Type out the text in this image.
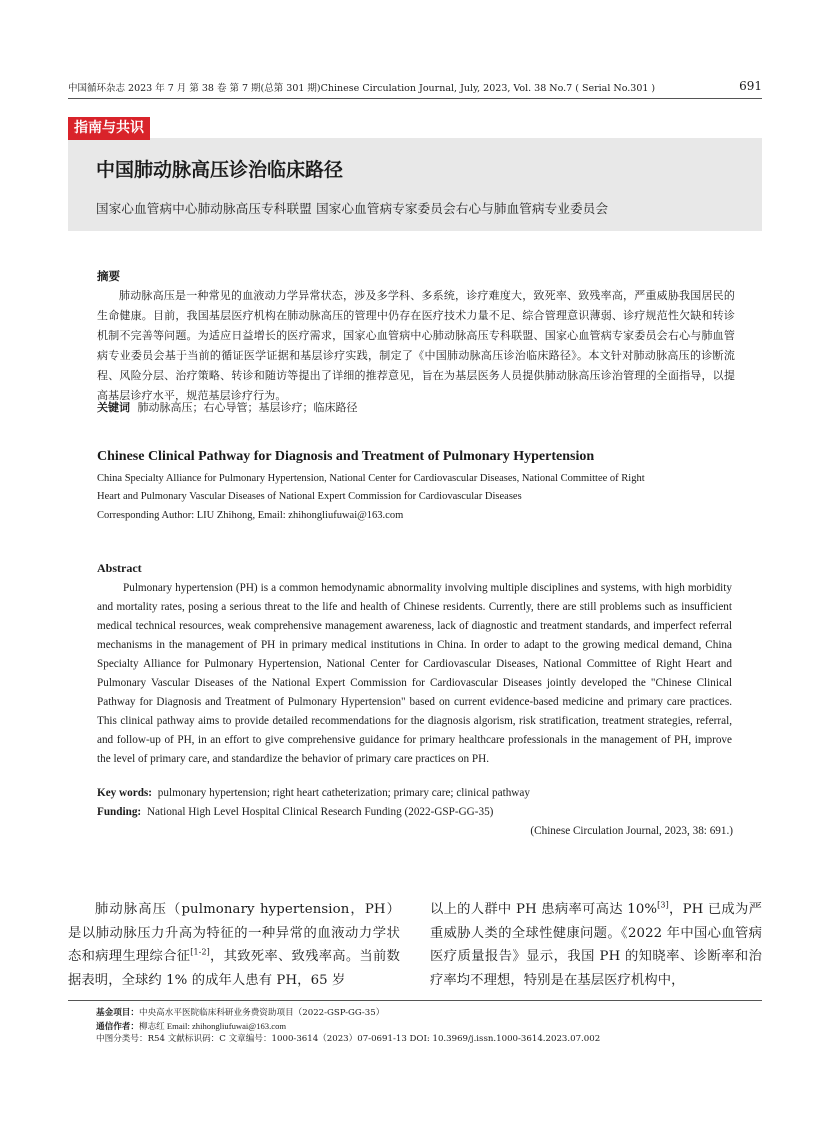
中国循环杂志 2023 年 7 月 第 38 卷 第 7 期(总第 301 期)Chinese Circulation Journal, July, 2023, Vol. 38 No.7 ( Serial No.301 )	691
指南与共识
中国肺动脉高压诊治临床路径
国家心血管病中心肺动脉高压专科联盟 国家心血管病专家委员会右心与肺血管病专业委员会
摘要
肺动脉高压是一种常见的血液动力学异常状态，涉及多学科、多系统，诊疗难度大，致死率、致残率高，严重威胁我国居民的生命健康。目前，我国基层医疗机构在肺动脉高压的管理中仍存在医疗技术力量不足、综合管理意识薄弱、诊疗规范性欠缺和转诊机制不完善等问题。为适应日益增长的医疗需求，国家心血管病中心肺动脉高压专科联盟、国家心血管病专家委员会右心与肺血管病专业委员会基于当前的循证医学证据和基层诊疗实践，制定了《中国肺动脉高压诊治临床路径》。本文针对肺动脉高压的诊断流程、风险分层、治疗策略、转诊和随访等提出了详细的推荐意见，旨在为基层医务人员提供肺动脉高压诊治管理的全面指导，以提高基层诊疗水平，规范基层诊疗行为。
关键词 肺动脉高压；右心导管；基层诊疗；临床路径
Chinese Clinical Pathway for Diagnosis and Treatment of Pulmonary Hypertension
China Specialty Alliance for Pulmonary Hypertension, National Center for Cardiovascular Diseases, National Committee of Right
Heart and Pulmonary Vascular Diseases of National Expert Commission for Cardiovascular Diseases
Corresponding Author: LIU Zhihong, Email: zhihongliufuwai@163.com
Abstract
Pulmonary hypertension (PH) is a common hemodynamic abnormality involving multiple disciplines and systems, with high morbidity and mortality rates, posing a serious threat to the life and health of Chinese residents. Currently, there are still problems such as insufficient medical technical resources, weak comprehensive management awareness, lack of diagnostic and treatment standards, and imperfect referral mechanisms in the management of PH in primary medical institutions in China. In order to adapt to the growing medical demand, China Specialty Alliance for Pulmonary Hypertension, National Center for Cardiovascular Diseases, National Committee of Right Heart and Pulmonary Vascular Diseases of the National Expert Commission for Cardiovascular Diseases jointly developed the "Chinese Clinical Pathway for Diagnosis and Treatment of Pulmonary Hypertension" based on current evidence-based medicine and primary care practices. This clinical pathway aims to provide detailed recommendations for the diagnosis algorism, risk stratification, treatment strategies, referral, and follow-up of PH, in an effort to give comprehensive guidance for primary healthcare professionals in the management of PH, improve the level of primary care, and standardize the behavior of primary care practices on PH.
Key words: pulmonary hypertension; right heart catheterization; primary care; clinical pathway
Funding: National High Level Hospital Clinical Research Funding (2022-GSP-GG-35)
(Chinese Circulation Journal, 2023, 38: 691.)
肺动脉高压（pulmonary hypertension，PH）是以肺动脉压力升高为特征的一种异常的血液动力学状态和病理生理综合征[1-2]，其致死率、致残率高。当前数据表明，全球约 1% 的成年人患有 PH，65 岁
以上的人群中 PH 患病率可高达 10%[3]，PH 已成为严重威胁人类的全球性健康问题。《2022 年中国心血管病医疗质量报告》显示，我国 PH 的知晓率、诊断率和治疗率均不理想，特别是在基层医疗机构中，
基金项目：中央高水平医院临床科研业务费资助项目（2022-GSP-GG-35）
通信作者：柳志红 Email: zhihongliufuwai@163.com
中图分类号：R54 文献标识码：C 文章编号：1000-3614（2023）07-0691-13 DOI: 10.3969/j.issn.1000-3614.2023.07.002
